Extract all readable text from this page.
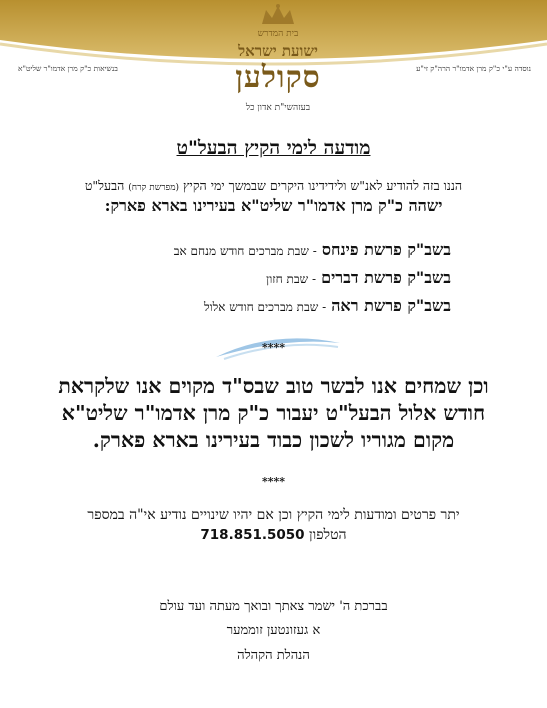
בית המדרש
ישועת ישראל
סקולען
בעזהשי"ת אדון כל
בנשיאות כ"ק מרן אדמו"ר שליט"א	נוסדה ע"י כ"ק מרן אדמו"ר הרה"ק זי"ע
מודעה לימי הקיץ הבעל"ט
הננו בזה להודיע לאנ"ש ולידידינו היקרים שבמשך ימי הקיץ (מפרשת קרח) הבעל"ט
ישהה כ"ק מרן אדמו"ר שליט"א בעירינו בארא פארק:
בשב"ק פרשת פינחס - שבת מברכים חודש מנחם אב
בשב"ק פרשת דברים - שבת חזון
בשב"ק פרשת ראה - שבת מברכים חודש אלול
****
וכן שמחים אנו לבשר טוב שבס"ד מקוים אנו שלקראת
חודש אלול הבעל"ט יעבור כ"ק מרן אדמו"ר שליט"א
מקום מגוריו לשכון כבוד בעירינו בארא פארק.
****
יתר פרטים ומודעות לימי הקיץ וכן אם יהיו שינויים נודיע אי"ה במספר
הטלפון 718.851.5050
בברכת ה' ישמר צאתך ובואך מעתה ועד עולם
א געזונטען זוממער
הנהלת הקהלה
